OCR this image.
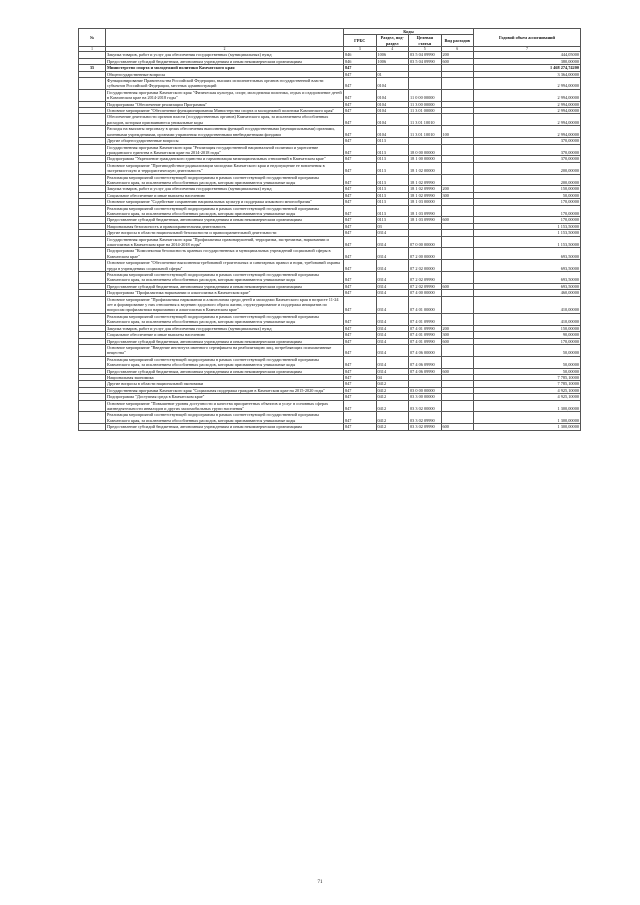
№		Коды				Годовой объем ассигнований
		ГРБС	Раздел, под-раздел	Целевая статья	Вид расходов	
1	2	3	4	5	6	7
	Закупка товаров, работ и услуг для обеспечения государственных (муниципальных) нужд	846	1006	03 5 04 09990	200	444,05000
	Предоставление субсидий бюджетным, автономным учреждениям и иным некоммерческим организациям	846	1006	03 5 04 09990	600	380,00000
35	Министерство спорта и молодежной политики Камчатского края	847				1 468 274,74200
	Общегосударственные вопросы	847	01			3 364,00000
	Функционирование Правительства Российской Федерации, высших исполнительных органов государственной власти субъектов Российской Федерации, местных администраций	847	0104			2 994,00000
	Государственная программа Камчатского края "Физическая культура, спорт, молодежная политика, отдых и оздоровление детей в Камчатском крае на 2014-2018 годы"	847	0104	11 0 00 00000		2 994,00000
	Подпрограмма "Обеспечение реализации Программы"	847	0104	11 3 00 00000		2 994,00000
	Основное мероприятие "Обеспечение функционирования Министерства спорта и молодежной политики Камчатского края"	847	0104	11 3 01 00000		2 994,00000
	Обеспечение деятельности органов власти (государственных органов) Камчатского края, за исключением обособленных расходов, которым присваиваются уникальные коды	847	0104	11 3 01 10010		2 994,00000
	Расходы на выплаты персоналу в целях обеспечения выполнения функций государственными (муниципальными) органами, казенными учреждениями, органами управления государственными внебюджетными фондами	847	0104	11 3 01 10010	100	2 994,00000
	Другие общегосударственные вопросы	847	0113			370,00000
	Государственная программа Камчатского края "Реализация государственной национальной политики и укрепление гражданского единства в Камчатском крае на 2014-2018 годы"	847	0113	18 0 00 00000		370,00000
	Подпрограмма "Укрепление гражданского единства и гармонизация межнациональных отношений в Камчатском крае"	847	0113	18 1 00 00000		370,00000
	Основное мероприятие "Противодействие радикализации молодежи Камчатского края и недопущение ее вовлечения в экстремистскую и террористическую деятельность"	847	0113	18 1 02 00000		200,00000
	Реализация мероприятий соответствующей подпрограммы в рамках соответствующей государственной программы Камчатского края, за исключением обособленных расходов, которым присваиваются уникальные коды	847	0113	18 1 02 09990		200,00000
	Закупка товаров, работ и услуг для обеспечения государственных (муниципальных) нужд	847	0113	18 1 02 09990	200	150,00000
	Социальное обеспечение и иные выплаты населению	847	0113	18 1 02 09990	300	50,00000
	Основное мероприятие "Содействие сохранению национальных культур и поддержка языкового многообразия"	847	0113	18 1 03 00000		170,00000
	Реализация мероприятий соответствующей подпрограммы в рамках соответствующей государственной программы Камчатского края, за исключением обособленных расходов, которым присваиваются уникальные коды	847	0113	18 1 03 09990		170,00000
	Предоставление субсидий бюджетным, автономным учреждениям и иным некоммерческим организациям	847	0113	18 1 03 09990	600	170,00000
	Национальная безопасность и правоохранительная деятельность	847	03			1 153,50000
	Другие вопросы в области национальной безопасности и правоохранительной деятельности	847	0314			1 153,50000
	Государственная программа Камчатского края "Профилактика правонарушений, терроризма, экстремизма, наркомании и алкоголизма в Камчатском крае на 2014-2018 годы"	847	0314	07 0 00 00000		1 153,50000
	Подпрограмма "Комплексная безопасность краевых государственных и муниципальных учреждений социальной сферы в Камчатском крае"	847	0314	07 2 00 00000		693,50000
	Основное мероприятие "Обеспечение выполнения требований строительных и санитарных правил и норм, требований охраны труда в учреждениях социальной сферы"	847	0314	07 2 02 00000		693,50000
	Реализация мероприятий соответствующей подпрограммы в рамках соответствующей государственной программы Камчатского края, за исключением обособленных расходов, которым присваиваются уникальные коды	847	0314	07 2 02 09990		693,50000
	Предоставление субсидий бюджетным, автономным учреждениям и иным некоммерческим организациям	847	0314	07 2 02 09990	600	693,50000
	Подпрограмма "Профилактика наркомании и алкоголизма в Камчатском крае"	847	0314	07 4 00 00000		460,00000
	Основное мероприятие "Профилактика наркомании и алкоголизма среди детей и молодежи Камчатского края в возрасте 11-24 лет и формирование у них отношения к ведению здорового образа жизни, структурирование и поддержка инициатив по вопросам профилактики наркомании и алкоголизма в Камчатском крае"	847	0314	07 4 01 00000		410,00000
	Реализация мероприятий соответствующей подпрограммы в рамках соответствующей государственной программы Камчатского края, за исключением обособленных расходов, которым присваиваются уникальные коды	847	0314	07 4 01 09990		410,00000
	Закупка товаров, работ и услуг для обеспечения государственных (муниципальных) нужд	847	0314	07 4 01 09990	200	150,00000
	Социальное обеспечение и иные выплаты населению	847	0314	07 4 01 09990	300	90,00000
	Предоставление субсидий бюджетным, автономным учреждениям и иным некоммерческим организациям	847	0314	07 4 01 09990	600	170,00000
	Основное мероприятие "Введение института именного сертификата на реабилитацию лиц, потребляющих психоактивные вещества"	847	0314	07 4 06 00000		50,00000
	Реализация мероприятий соответствующей подпрограммы в рамках соответствующей государственной программы Камчатского края, за исключением обособленных расходов, которым присваиваются уникальные коды	847	0314	07 4 06 09990		50,00000
	Предоставление субсидий бюджетным, автономным учреждениям и иным некоммерческим организациям	847	0314	07 4 06 09990	600	50,00000
	Национальная экономика	847	04			7 785,10000
	Другие вопросы в области национальной экономики	847	0412			7 785,10000
	Государственная программа Камчатского края "Социальная поддержка граждан в Камчатском крае на 2015-2020 годы"	847	0412	03 0 00 00000		4 925,10000
	Подпрограмма "Доступная среда в Камчатском крае"	847	0412	03 3 00 00000		4 925,10000
	Основное мероприятие "Повышение уровня доступности и качества приоритетных объектов и услуг в основных сферах жизнедеятельности инвалидов и других маломобильных групп населения"	847	0412	03 3 02 00000		1 300,00000
	Реализация мероприятий соответствующей подпрограммы в рамках соответствующей государственной программы Камчатского края, за исключением обособленных расходов, которым присваиваются уникальные коды	847	0412	03 3 02 09990		1 300,00000
	Предоставление субсидий бюджетным, автономным учреждениям и иным некоммерческим организациям	847	0412	03 3 02 09990	600	1 300,00000
71
